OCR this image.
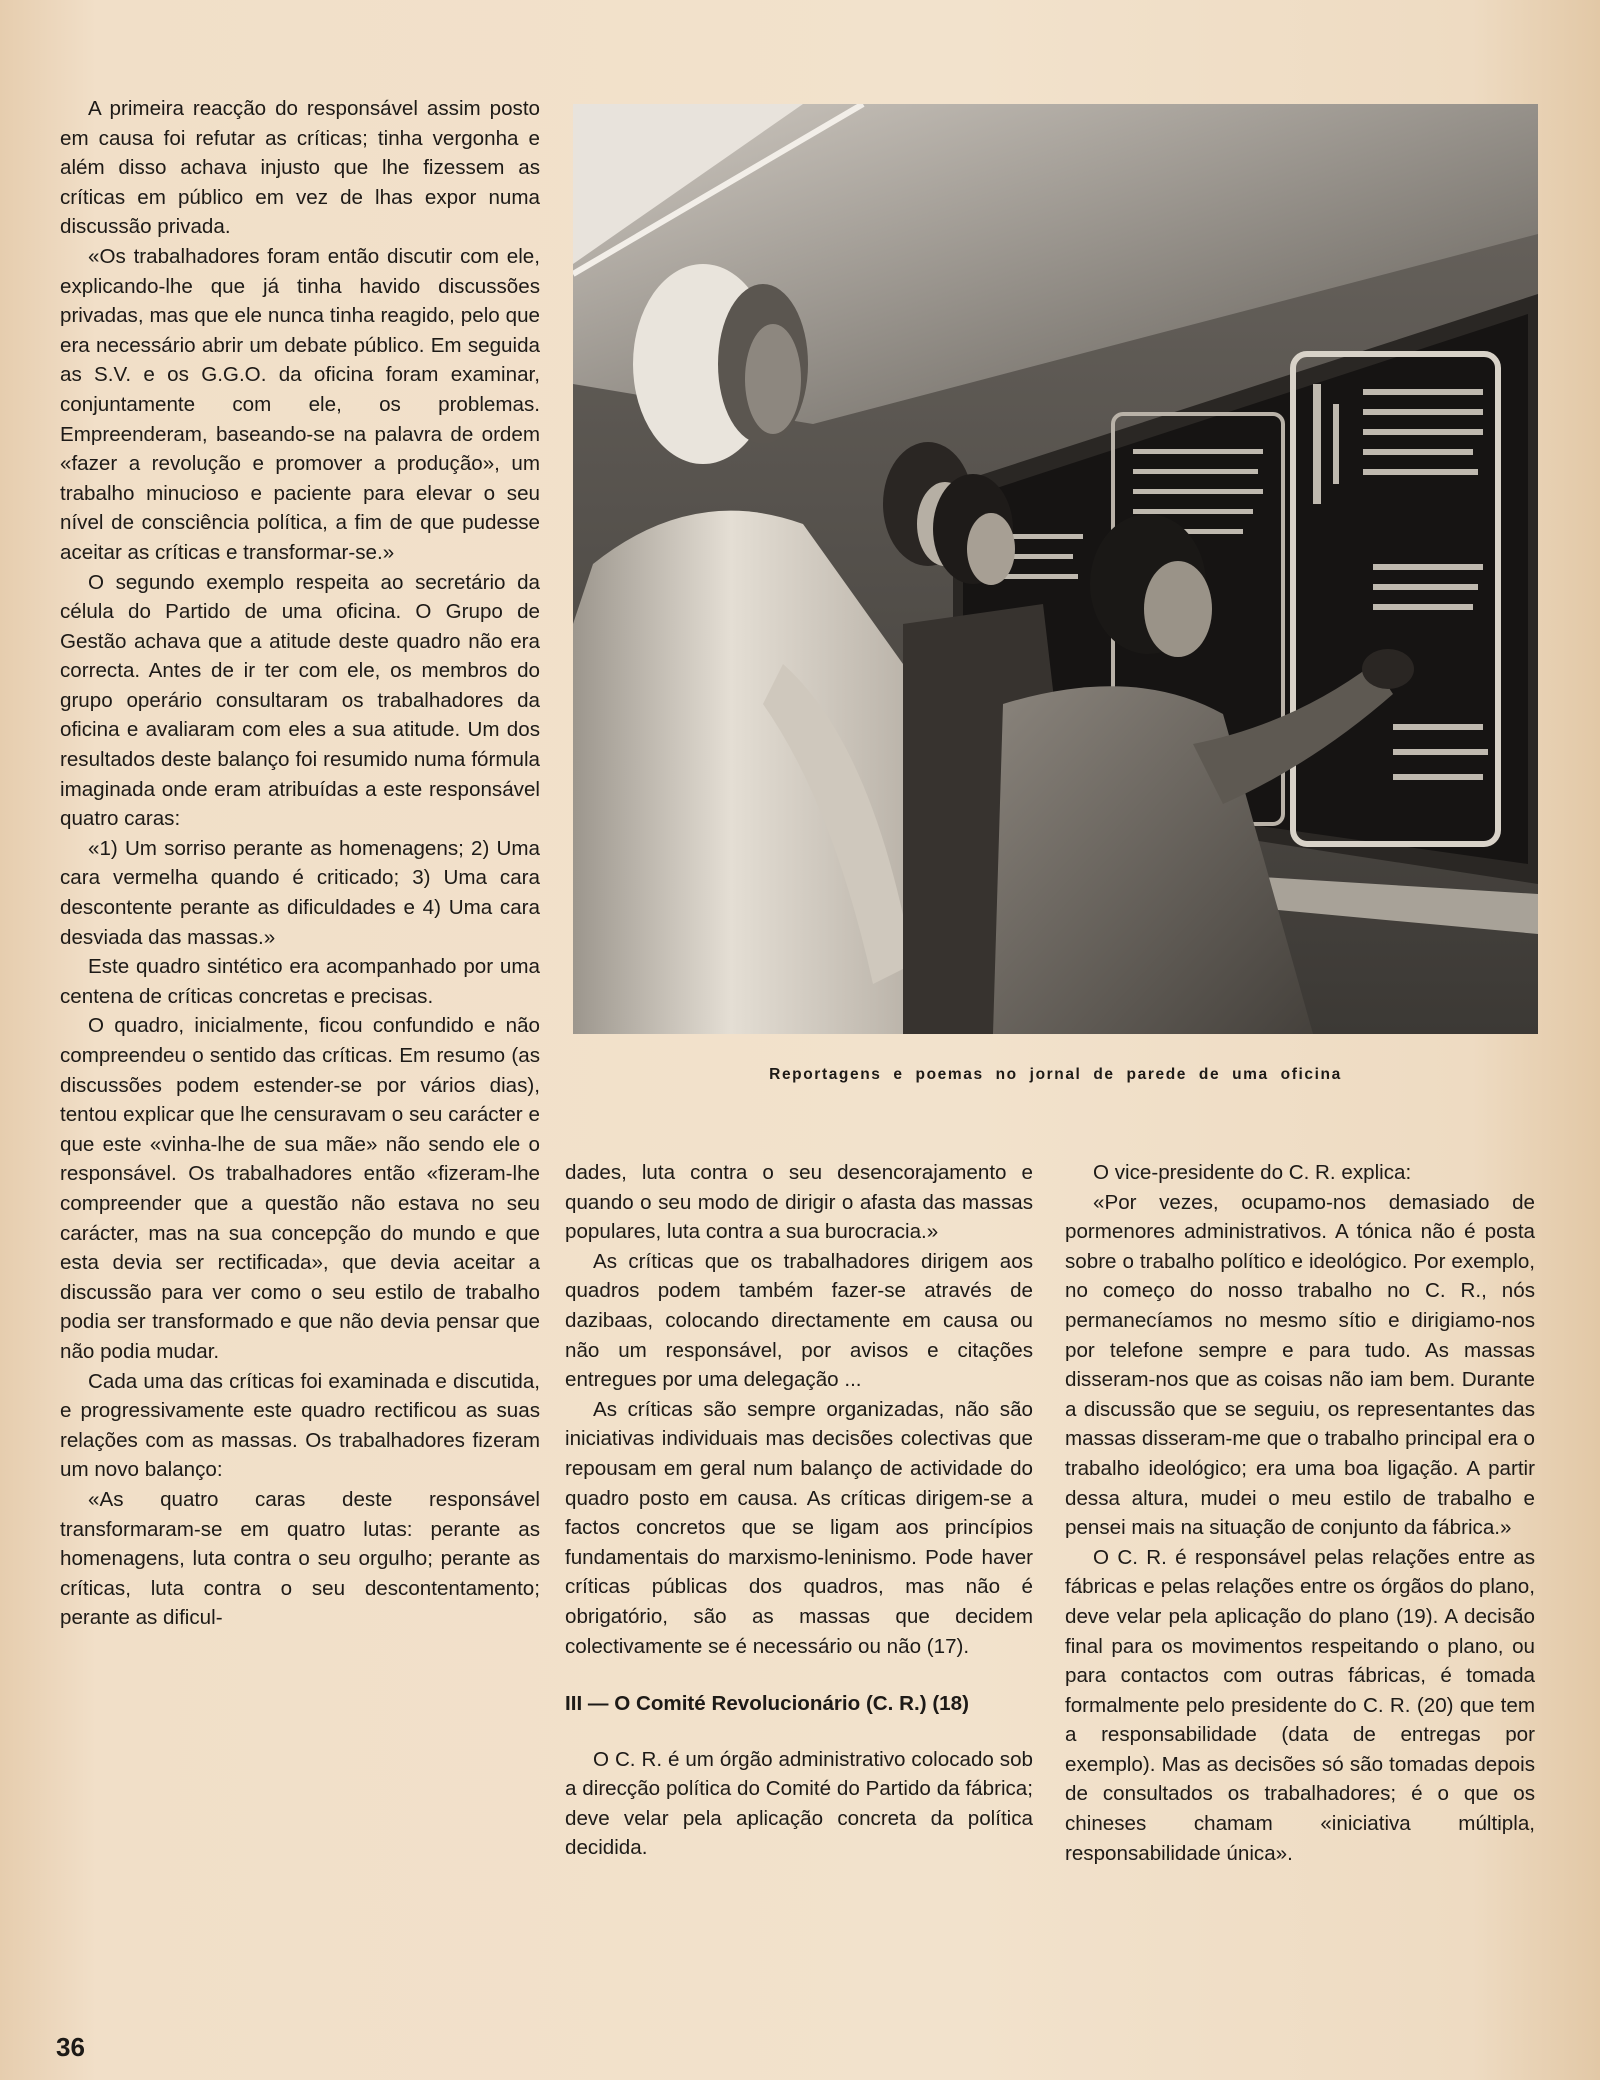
A primeira reacção do responsável assim posto em causa foi refutar as críticas; tinha vergonha e além disso achava injusto que lhe fizessem as críticas em público em vez de lhas expor numa discussão privada.

«Os trabalhadores foram então discutir com ele, explicando-lhe que já tinha havido discussões privadas, mas que ele nunca tinha reagido, pelo que era necessário abrir um debate público. Em seguida as S.V. e os G.G.O. da oficina foram examinar, conjuntamente com ele, os problemas. Empreenderam, baseando-se na palavra de ordem «fazer a revolução e promover a produção», um trabalho minucioso e paciente para elevar o seu nível de consciência política, a fim de que pudesse aceitar as críticas e transformar-se.»

O segundo exemplo respeita ao secretário da célula do Partido de uma oficina. O Grupo de Gestão achava que a atitude deste quadro não era correcta. Antes de ir ter com ele, os membros do grupo operário consultaram os trabalhadores da oficina e avaliaram com eles a sua atitude. Um dos resultados deste balanço foi resumido numa fórmula imaginada onde eram atribuídas a este responsável quatro caras:

«1) Um sorriso perante as homenagens; 2) Uma cara vermelha quando é criticado; 3) Uma cara descontente perante as dificuldades e 4) Uma cara desviada das massas.»

Este quadro sintético era acompanhado por uma centena de críticas concretas e precisas.

O quadro, inicialmente, ficou confundido e não compreendeu o sentido das críticas. Em resumo (as discussões podem estender-se por vários dias), tentou explicar que lhe censuravam o seu carácter e que este «vinha-lhe de sua mãe» não sendo ele o responsável. Os trabalhadores então «fizeram-lhe compreender que a questão não estava no seu carácter, mas na sua concepção do mundo e que esta devia ser rectificada», que devia aceitar a discussão para ver como o seu estilo de trabalho podia ser transformado e que não devia pensar que não podia mudar.

Cada uma das críticas foi examinada e discutida, e progressivamente este quadro rectificou as suas relações com as massas. Os trabalhadores fizeram um novo balanço:

«As quatro caras deste responsável transformaram-se em quatro lutas: perante as homenagens, luta contra o seu orgulho; perante as críticas, luta contra o seu descontentamento; perante as dificul-

Reportagens e poemas no jornal de parede de uma oficina

dades, luta contra o seu desencorajamento e quando o seu modo de dirigir o afasta das massas populares, luta contra a sua burocracia.»

As críticas que os trabalhadores dirigem aos quadros podem também fazer-se através de dazibaas, colocando directamente em causa ou não um responsável, por avisos e citações entregues por uma delegação ...

As críticas são sempre organizadas, não são iniciativas individuais mas decisões colectivas que repousam em geral num balanço de actividade do quadro posto em causa. As críticas dirigem-se a factos concretos que se ligam aos princípios fundamentais do marxismo-leninismo. Pode haver críticas públicas dos quadros, mas não é obrigatório, são as massas que decidem colectivamente se é necessário ou não (17).

III — O Comité Revolucionário (C. R.) (18)

O C. R. é um órgão administrativo colocado sob a direcção política do Comité do Partido da fábrica; deve velar pela aplicação concreta da política decidida.

O vice-presidente do C. R. explica:

«Por vezes, ocupamo-nos demasiado de pormenores administrativos. A tónica não é posta sobre o trabalho político e ideológico. Por exemplo, no começo do nosso trabalho no C. R., nós permanecíamos no mesmo sítio e dirigiamo-nos por telefone sempre e para tudo. As massas disseram-nos que as coisas não iam bem. Durante a discussão que se seguiu, os representantes das massas disseram-me que o trabalho principal era o trabalho ideológico; era uma boa ligação. A partir dessa altura, mudei o meu estilo de trabalho e pensei mais na situação de conjunto da fábrica.»

O C. R. é responsável pelas relações entre as fábricas e pelas relações entre os órgãos do plano, deve velar pela aplicação do plano (19). A decisão final para os movimentos respeitando o plano, ou para contactos com outras fábricas, é tomada formalmente pelo presidente do C. R. (20) que tem a responsabilidade (data de entregas por exemplo). Mas as decisões só são tomadas depois de consultados os trabalhadores; é o que os chineses chamam «iniciativa múltipla, responsabilidade única».

36
